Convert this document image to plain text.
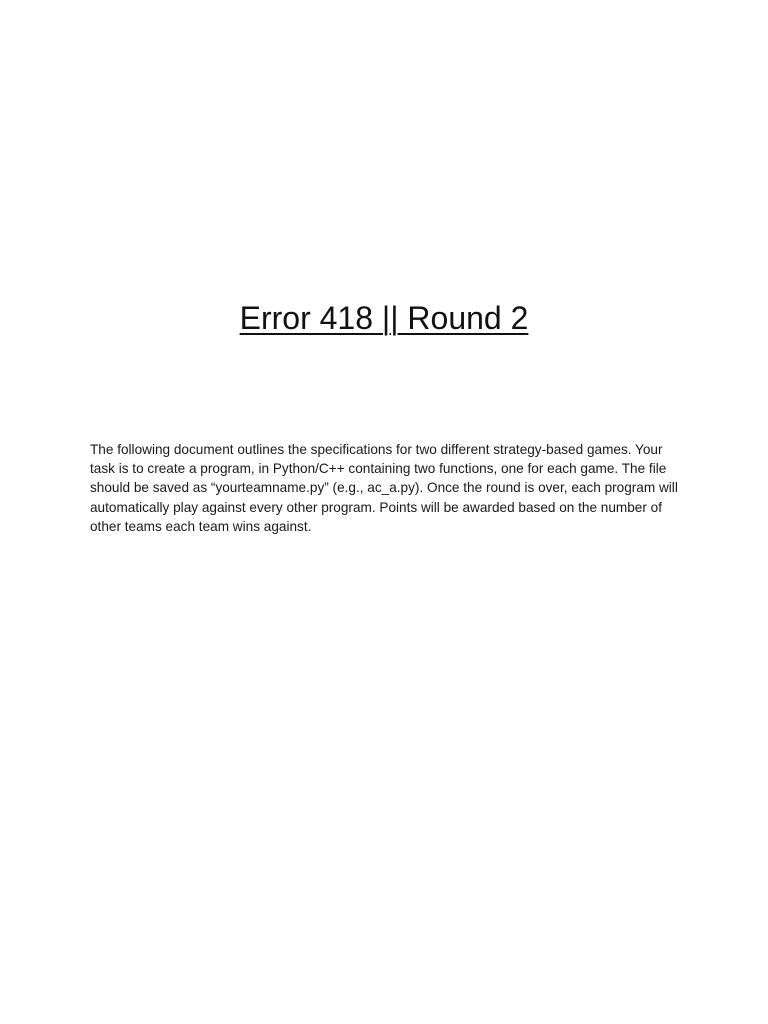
Error 418 || Round 2

The following document outlines the specifications for two different strategy-based games. Your task is to create a program, in Python/C++ containing two functions, one for each game. The file should be saved as “yourteamname.py” (e.g., ac_a.py). Once the round is over, each program will automatically play against every other program. Points will be awarded based on the number of other teams each team wins against.
